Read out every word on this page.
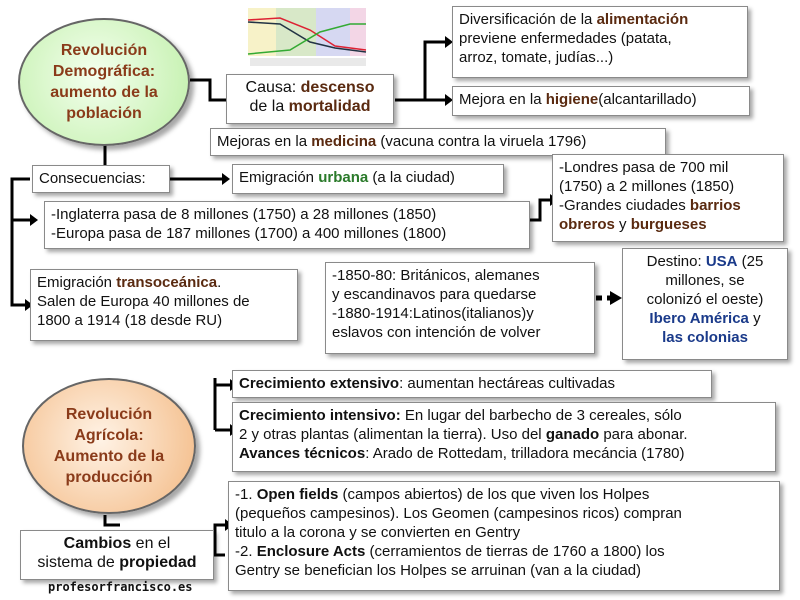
Revolución
Demográfica:
aumento de la
población
Causa: descenso
de la mortalidad
Diversificación de la alimentación
previene enfermedades (patata,
arroz, tomate, judías...)
Mejora en la higiene(alcantarillado)
Mejoras en la medicina (vacuna contra la viruela 1796)
Consecuencias:	Emigración urbana (a la ciudad)
-Londres pasa de 700 mil
(1750) a 2 millones (1850)
-Grandes ciudades barrios
obreros y burgueses
-Inglaterra pasa de 8 millones (1750) a 28 millones (1850)
-Europa pasa de 187 millones (1700) a 400 millones (1800)
Emigración transoceánica.
Salen de Europa 40 millones de
1800 a 1914 (18 desde RU)
-1850-80: Británicos, alemanes
y escandinavos para quedarse
-1880-1914:Latinos(italianos)y
eslavos con intención de volver
Destino: USA (25
millones, se
colonizó el oeste)
Ibero América y
las colonias
Revolución
Agrícola:
Aumento de la
producción
Crecimiento extensivo: aumentan hectáreas cultivadas
Crecimiento intensivo: En lugar del barbecho de 3 cereales, sólo
2 y otras plantas (alimentan la tierra). Uso del ganado para abonar.
Avances técnicos: Arado de Rottedam, trilladora mecáncia (1780)
Cambios en el
sistema de propiedad
-1. Open fields (campos abiertos) de los que viven los Holpes
(pequeños campesinos). Los Geomen (campesinos ricos) compran
titulo a la corona y se convierten en Gentry
-2. Enclosure Acts (cerramientos de tierras de 1760 a 1800) los
Gentry se benefician los Holpes se arruinan (van a la ciudad)
profesorfrancisco.es
